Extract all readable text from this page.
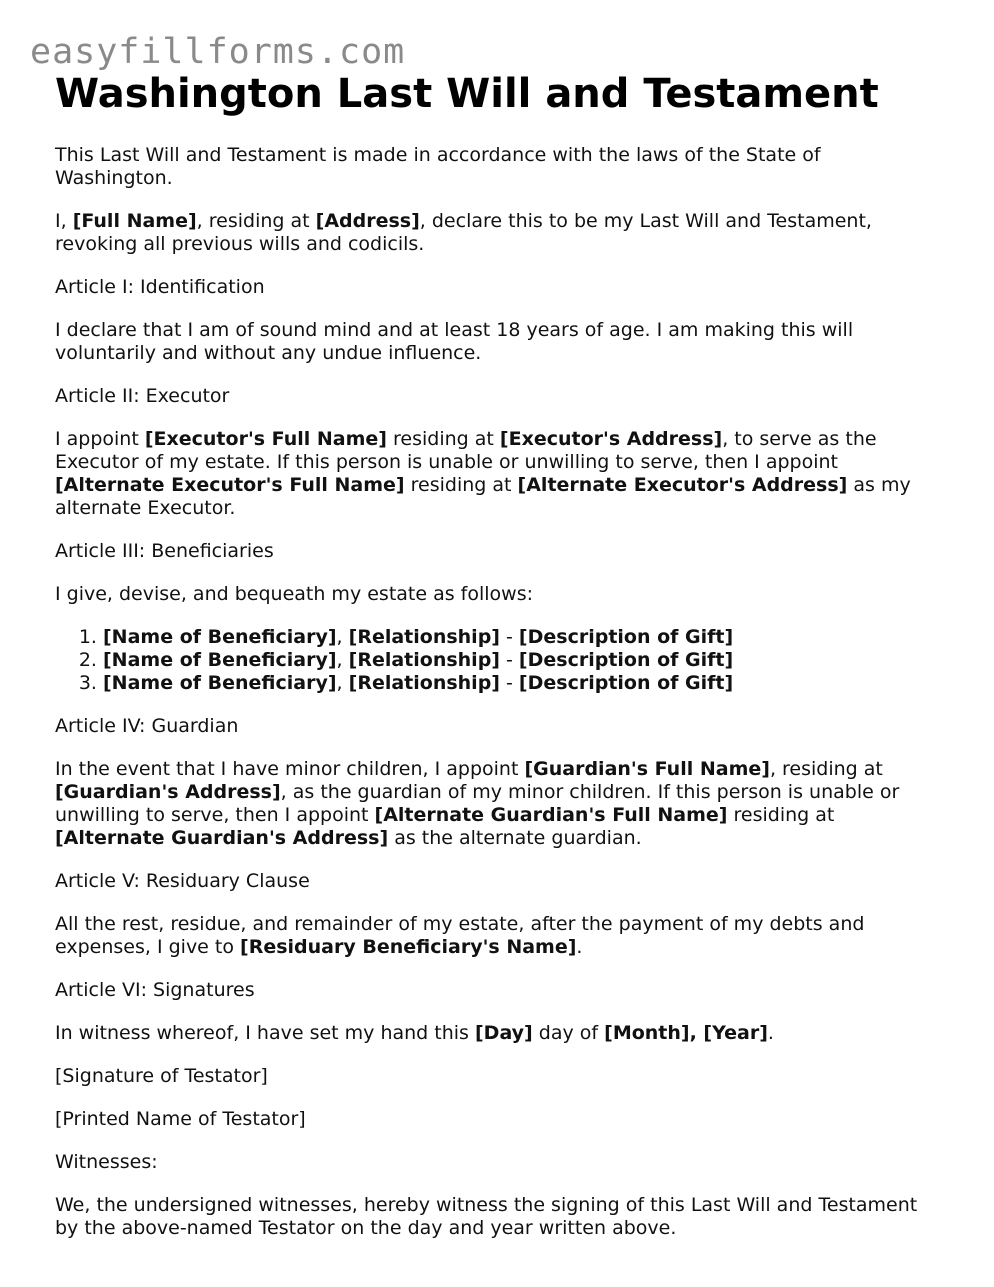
easyfillforms.com
Washington Last Will and Testament

This Last Will and Testament is made in accordance with the laws of the State of Washington.

I, [Full Name], residing at [Address], declare this to be my Last Will and Testament, revoking all previous wills and codicils.

Article I: Identification

I declare that I am of sound mind and at least 18 years of age. I am making this will voluntarily and without any undue influence.

Article II: Executor

I appoint [Executor's Full Name] residing at [Executor's Address], to serve as the Executor of my estate. If this person is unable or unwilling to serve, then I appoint [Alternate Executor's Full Name] residing at [Alternate Executor's Address] as my alternate Executor.

Article III: Beneficiaries

I give, devise, and bequeath my estate as follows:

1. [Name of Beneficiary], [Relationship] - [Description of Gift]
2. [Name of Beneficiary], [Relationship] - [Description of Gift]
3. [Name of Beneficiary], [Relationship] - [Description of Gift]

Article IV: Guardian

In the event that I have minor children, I appoint [Guardian's Full Name], residing at [Guardian's Address], as the guardian of my minor children. If this person is unable or unwilling to serve, then I appoint [Alternate Guardian's Full Name] residing at [Alternate Guardian's Address] as the alternate guardian.

Article V: Residuary Clause

All the rest, residue, and remainder of my estate, after the payment of my debts and expenses, I give to [Residuary Beneficiary's Name].

Article VI: Signatures

In witness whereof, I have set my hand this [Day] day of [Month], [Year].

[Signature of Testator]

[Printed Name of Testator]

Witnesses:

We, the undersigned witnesses, hereby witness the signing of this Last Will and Testament by the above-named Testator on the day and year written above.
